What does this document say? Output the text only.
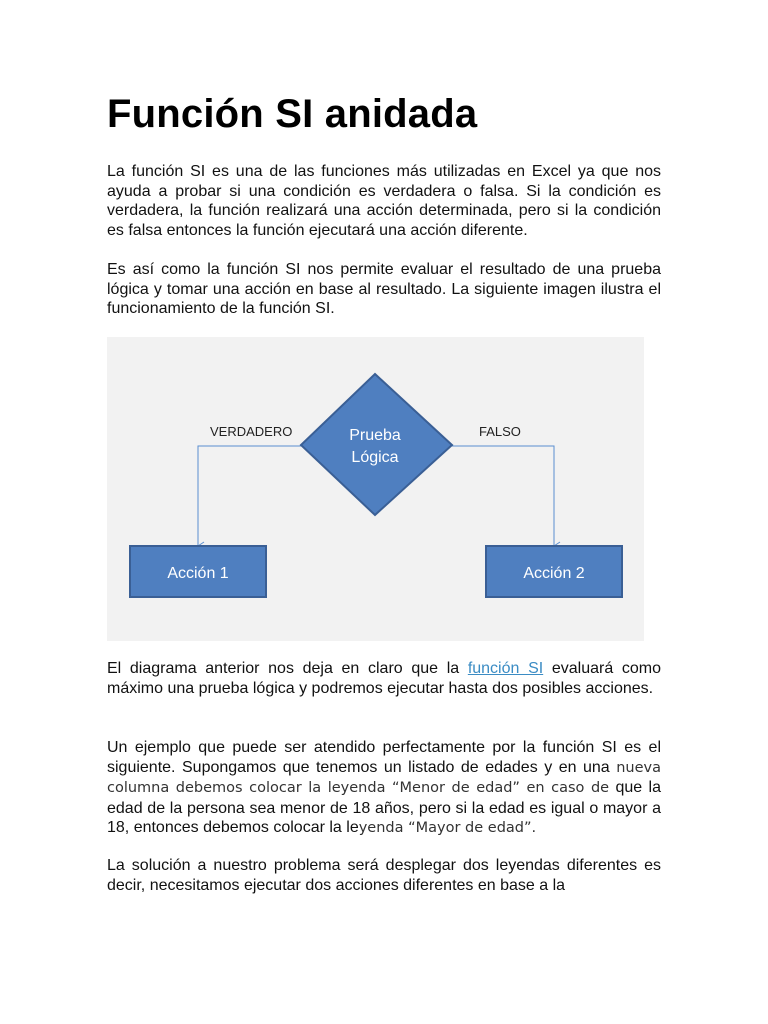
Función SI anidada

La función SI es una de las funciones más utilizadas en Excel ya que nos ayuda a probar si una condición es verdadera o falsa. Si la condición es verdadera, la función realizará una acción determinada, pero si la condición es falsa entonces la función ejecutará una acción diferente.

Es así como la función SI nos permite evaluar el resultado de una prueba lógica y tomar una acción en base al resultado. La siguiente imagen ilustra el funcionamiento de la función SI.

Prueba
Lógica
VERDADERO	FALSO
Acción 1	Acción 2

El diagrama anterior nos deja en claro que la función SI evaluará como máximo una prueba lógica y podremos ejecutar hasta dos posibles acciones.

Un ejemplo que puede ser atendido perfectamente por la función SI es el siguiente. Supongamos que tenemos un listado de edades y en una nueva columna debemos colocar la leyenda “Menor de edad” en caso de que la edad de la persona sea menor de 18 años, pero si la edad es igual o mayor a 18, entonces debemos colocar la leyenda “Mayor de edad”.

La solución a nuestro problema será desplegar dos leyendas diferentes es decir, necesitamos ejecutar dos acciones diferentes en base a la
